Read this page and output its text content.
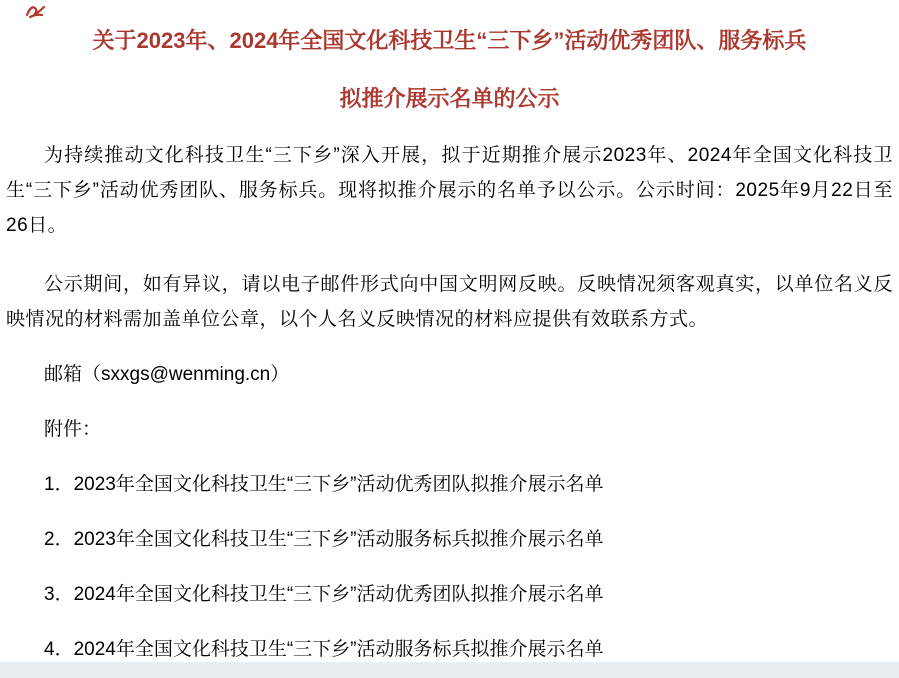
关于2023年、2024年全国文化科技卫生“三下乡”活动优秀团队、服务标兵
拟推介展示名单的公示

为持续推动文化科技卫生“三下乡”深入开展，拟于近期推介展示2023年、2024年全国文化科技卫生“三下乡”活动优秀团队、服务标兵。现将拟推介展示的名单予以公示。公示时间：2025年9月22日至26日。

公示期间，如有异议，请以电子邮件形式向中国文明网反映。反映情况须客观真实，以单位名义反映情况的材料需加盖单位公章，以个人名义反映情况的材料应提供有效联系方式。

邮箱（sxxgs@wenming.cn）

附件：

1．2023年全国文化科技卫生“三下乡”活动优秀团队拟推介展示名单

2．2023年全国文化科技卫生“三下乡”活动服务标兵拟推介展示名单

3．2024年全国文化科技卫生“三下乡”活动优秀团队拟推介展示名单

4．2024年全国文化科技卫生“三下乡”活动服务标兵拟推介展示名单
